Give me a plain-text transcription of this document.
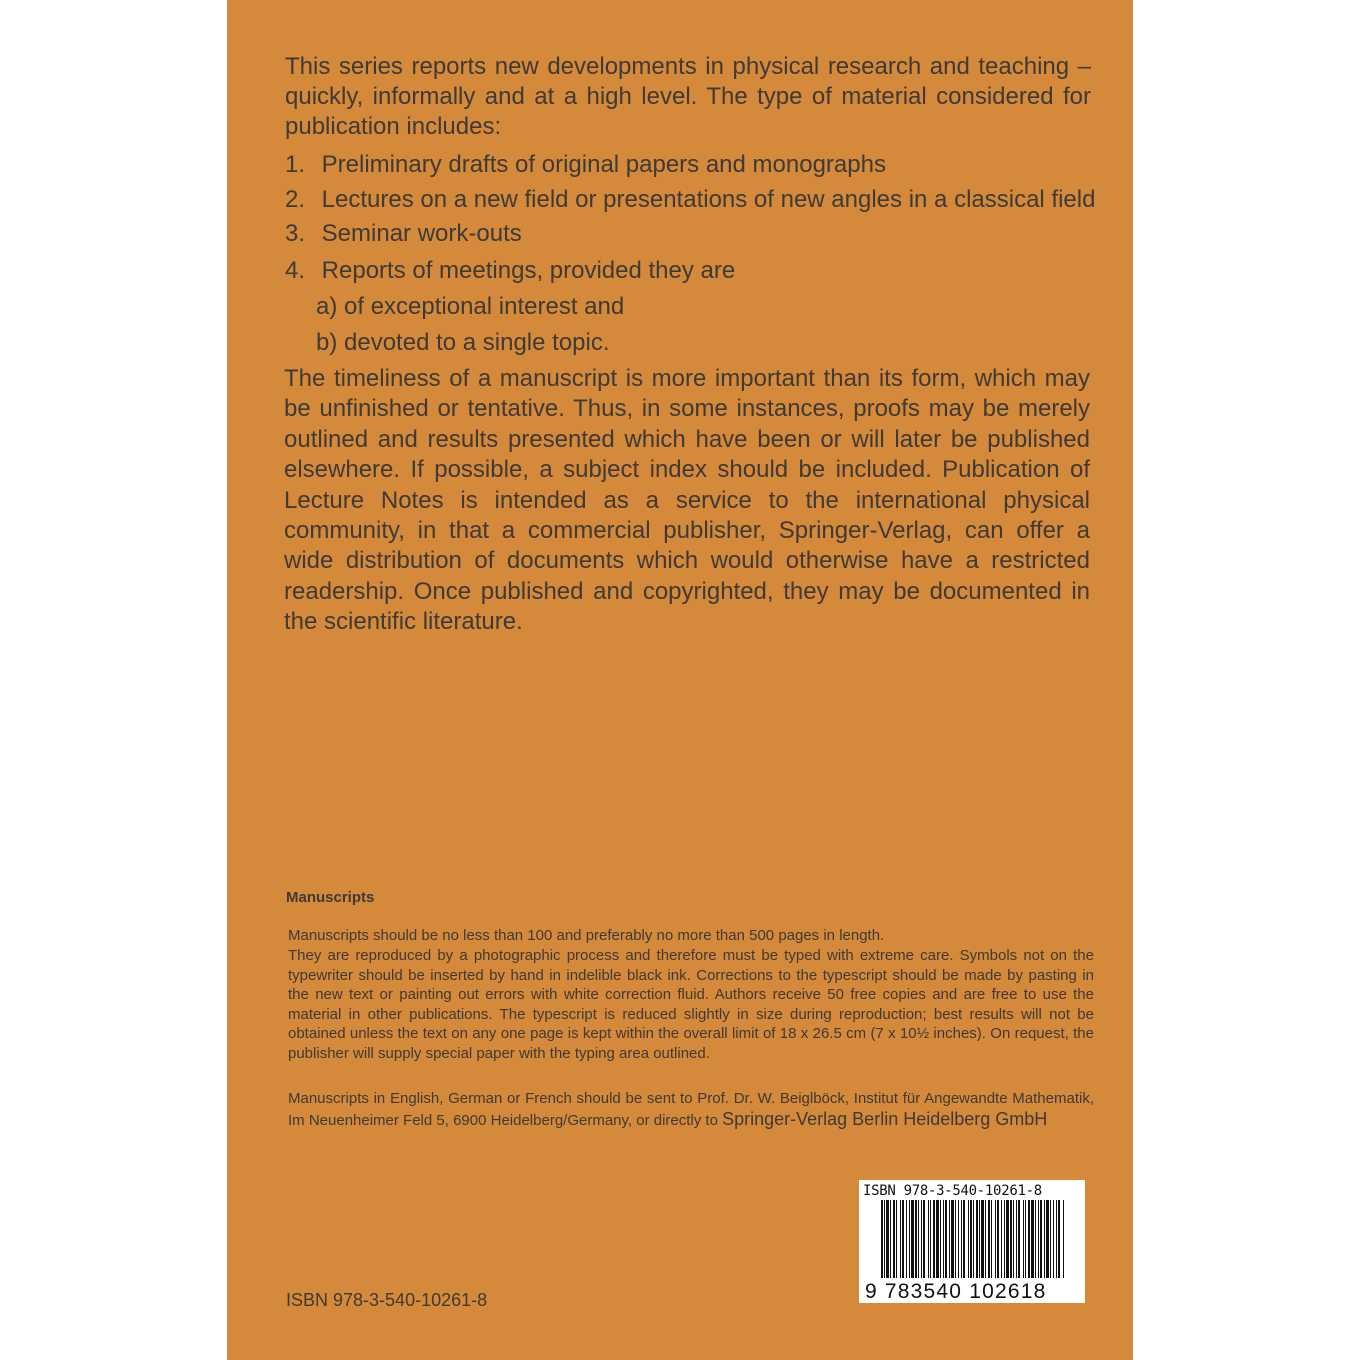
This series reports new developments in physical research and teaching – quickly, informally and at a high level. The type of material considered for publication includes:

1. Preliminary drafts of original papers and monographs
2. Lectures on a new field or presentations of new angles in a classical field
3. Seminar work-outs
4. Reports of meetings, provided they are
a) of exceptional interest and
b) devoted to a single topic.

The timeliness of a manuscript is more important than its form, which may be unfinished or tentative. Thus, in some instances, proofs may be merely outlined and results presented which have been or will later be published elsewhere. If possible, a subject index should be included. Publication of Lecture Notes is intended as a service to the international physical community, in that a commercial publisher, Springer-Verlag, can offer a wide distribution of documents which would otherwise have a restricted readership. Once published and copyrighted, they may be documented in the scientific literature.

Manuscripts

Manuscripts should be no less than 100 and preferably no more than 500 pages in length.

They are reproduced by a photographic process and therefore must be typed with extreme care. Symbols not on the typewriter should be inserted by hand in indelible black ink. Corrections to the typescript should be made by pasting in the new text or painting out errors with white correction fluid. Authors receive 50 free copies and are free to use the material in other publications. The typescript is reduced slightly in size during reproduction; best results will not be obtained unless the text on any one page is kept within the overall limit of 18 x 26.5 cm (7 x 10½ inches). On request, the publisher will supply special paper with the typing area outlined.

Manuscripts in English, German or French should be sent to Prof. Dr. W. Beiglböck, Institut für Angewandte Mathematik, Im Neuenheimer Feld 5, 6900 Heidelberg/Germany, or directly to Springer-Verlag Berlin Heidelberg GmbH

ISBN 978-3-540-10261-8

ISBN 978-3-540-10261-8
9 783540 102618
